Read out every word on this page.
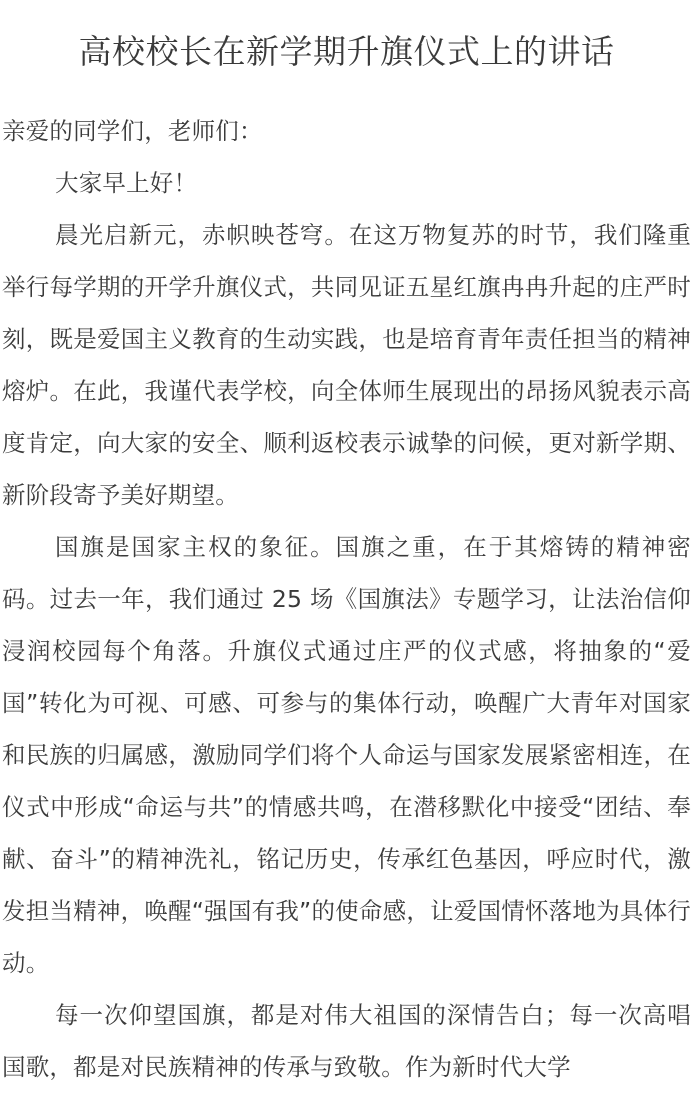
高校校长在新学期升旗仪式上的讲话

亲爱的同学们，老师们：

大家早上好！

晨光启新元，赤帜映苍穹。在这万物复苏的时节，我们隆重举行每学期的开学升旗仪式，共同见证五星红旗冉冉升起的庄严时刻，既是爱国主义教育的生动实践，也是培育青年责任担当的精神熔炉。在此，我谨代表学校，向全体师生展现出的昂扬风貌表示高度肯定，向大家的安全、顺利返校表示诚挚的问候，更对新学期、新阶段寄予美好期望。

国旗是国家主权的象征。国旗之重，在于其熔铸的精神密码。过去一年，我们通过 25 场《国旗法》专题学习，让法治信仰浸润校园每个角落。升旗仪式通过庄严的仪式感，将抽象的“爱国”转化为可视、可感、可参与的集体行动，唤醒广大青年对国家和民族的归属感，激励同学们将个人命运与国家发展紧密相连，在仪式中形成“命运与共”的情感共鸣，在潜移默化中接受“团结、奉献、奋斗”的精神洗礼，铭记历史，传承红色基因，呼应时代，激发担当精神，唤醒“强国有我”的使命感，让爱国情怀落地为具体行动。

每一次仰望国旗，都是对伟大祖国的深情告白；每一次高唱国歌，都是对民族精神的传承与致敬。作为新时代大学
